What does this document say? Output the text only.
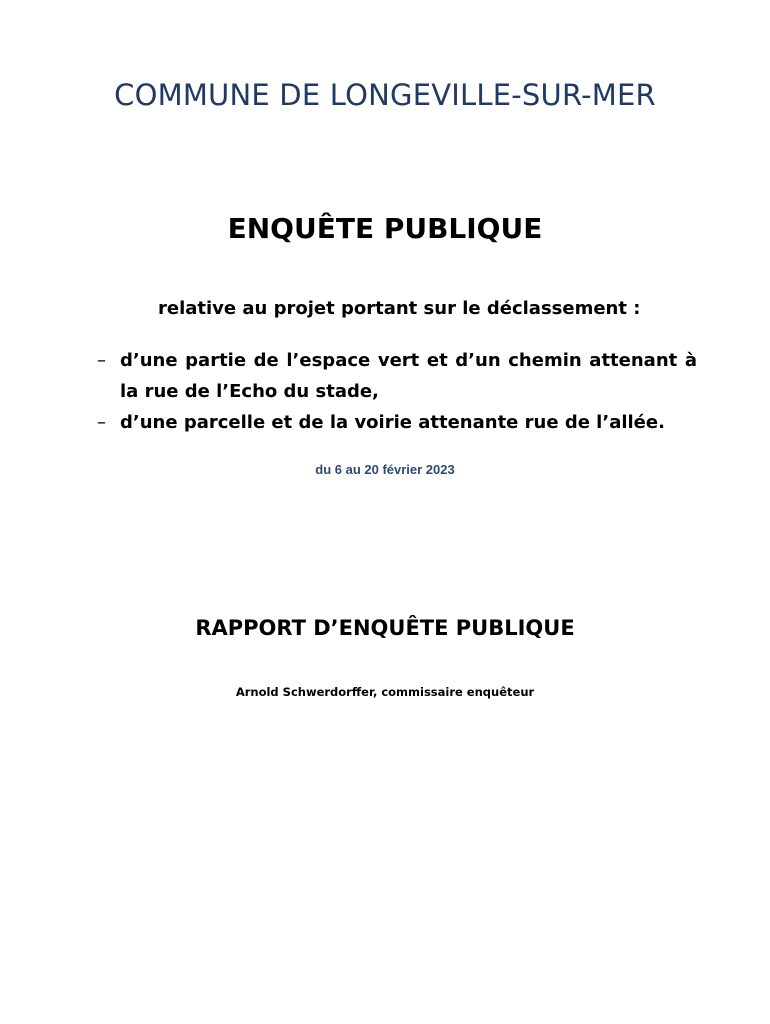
COMMUNE DE LONGEVILLE-SUR-MER
ENQUÊTE PUBLIQUE
relative au projet portant sur le déclassement :
– d’une partie de l’espace vert et d’un chemin attenant à la rue de l’Echo du stade,
– d’une parcelle et de la voirie attenante rue de l’allée.
du 6 au 20 février 2023
RAPPORT D’ENQUÊTE PUBLIQUE
Arnold Schwerdorffer, commissaire enquêteur
